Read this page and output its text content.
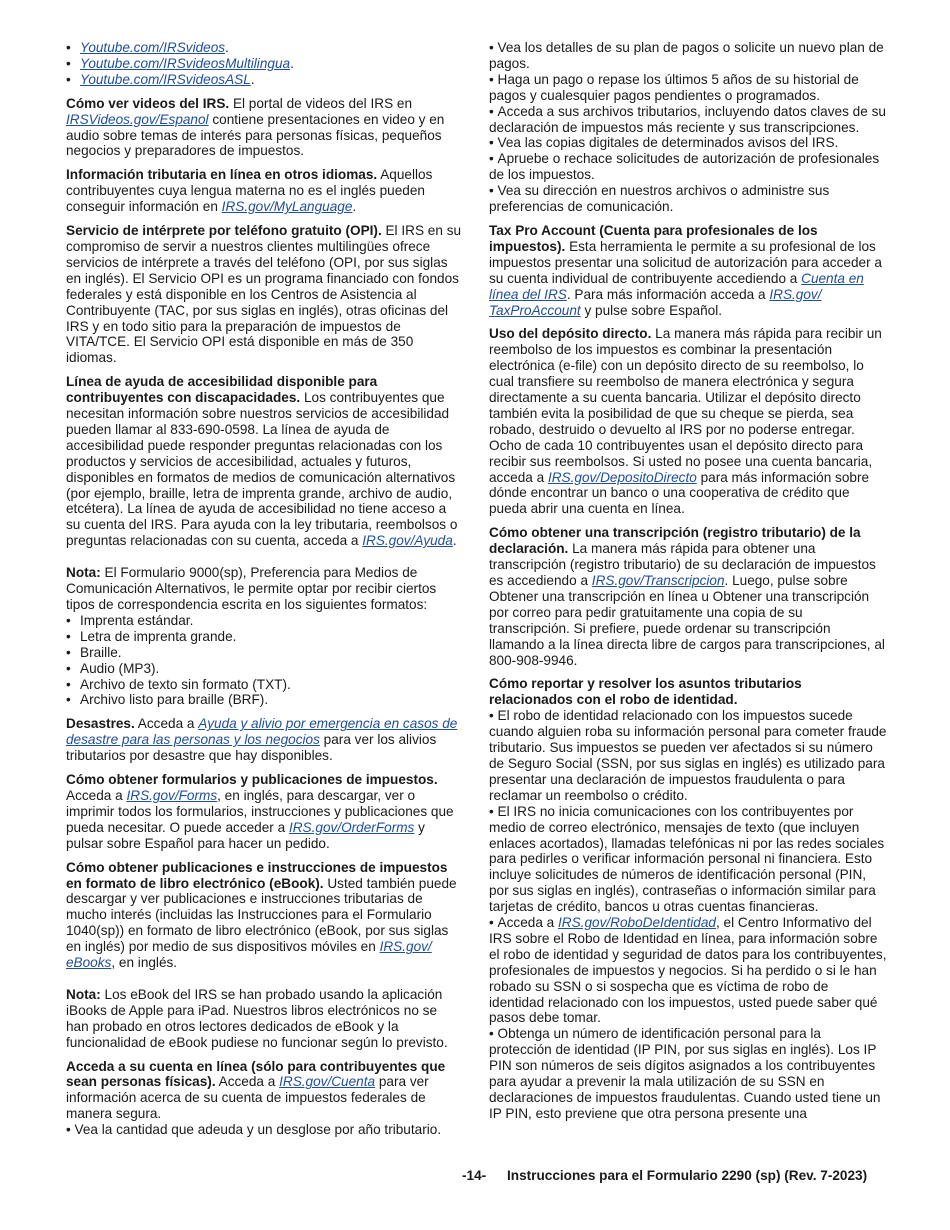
• Youtube.com/IRSvideos.
• Youtube.com/IRSvideosMultilingua.
• Youtube.com/IRSvideosASL.

Cómo ver videos del IRS. El portal de videos del IRS en IRSVideos.gov/Espanol contiene presentaciones en video y en audio sobre temas de interés para personas físicas, pequeños negocios y preparadores de impuestos.

Información tributaria en línea en otros idiomas. Aquellos contribuyentes cuya lengua materna no es el inglés pueden conseguir información en IRS.gov/MyLanguage.

Servicio de intérprete por teléfono gratuito (OPI). El IRS en su compromiso de servir a nuestros clientes multilingües ofrece servicios de intérprete a través del teléfono (OPI, por sus siglas en inglés). El Servicio OPI es un programa financiado con fondos federales y está disponible en los Centros de Asistencia al Contribuyente (TAC, por sus siglas en inglés), otras oficinas del IRS y en todo sitio para la preparación de impuestos de VITA/TCE. El Servicio OPI está disponible en más de 350 idiomas.

Línea de ayuda de accesibilidad disponible para contribuyentes con discapacidades. Los contribuyentes que necesitan información sobre nuestros servicios de accesibilidad pueden llamar al 833-690-0598. La línea de ayuda de accesibilidad puede responder preguntas relacionadas con los productos y servicios de accesibilidad, actuales y futuros, disponibles en formatos de medios de comunicación alternativos (por ejemplo, braille, letra de imprenta grande, archivo de audio, etcétera). La línea de ayuda de accesibilidad no tiene acceso a su cuenta del IRS. Para ayuda con la ley tributaria, reembolsos o preguntas relacionadas con su cuenta, acceda a IRS.gov/Ayuda.

Nota: El Formulario 9000(sp), Preferencia para Medios de Comunicación Alternativos, le permite optar por recibir ciertos tipos de correspondencia escrita en los siguientes formatos:

• Imprenta estándar.
• Letra de imprenta grande.
• Braille.
• Audio (MP3).
• Archivo de texto sin formato (TXT).
• Archivo listo para braille (BRF).

Desastres. Acceda a Ayuda y alivio por emergencia en casos de desastre para las personas y los negocios para ver los alivios tributarios por desastre que hay disponibles.

Cómo obtener formularios y publicaciones de impuestos. Acceda a IRS.gov/Forms, en inglés, para descargar, ver o imprimir todos los formularios, instrucciones y publicaciones que pueda necesitar. O puede acceder a IRS.gov/OrderForms y pulsar sobre Español para hacer un pedido.

Cómo obtener publicaciones e instrucciones de impuestos en formato de libro electrónico (eBook). Usted también puede descargar y ver publicaciones e instrucciones tributarias de mucho interés (incluidas las Instrucciones para el Formulario 1040(sp)) en formato de libro electrónico (eBook, por sus siglas en inglés) por medio de sus dispositivos móviles en IRS.gov/ eBooks, en inglés.

Nota: Los eBook del IRS se han probado usando la aplicación iBooks de Apple para iPad. Nuestros libros electrónicos no se han probado en otros lectores dedicados de eBook y la funcionalidad de eBook pudiese no funcionar según lo previsto.

Acceda a su cuenta en línea (sólo para contribuyentes que sean personas físicas). Acceda a IRS.gov/Cuenta para ver información acerca de su cuenta de impuestos federales de manera segura.

• Vea la cantidad que adeuda y un desglose por año tributario.

• Vea los detalles de su plan de pagos o solicite un nuevo plan de pagos.

• Haga un pago o repase los últimos 5 años de su historial de pagos y cualesquier pagos pendientes o programados.

• Acceda a sus archivos tributarios, incluyendo datos claves de su declaración de impuestos más reciente y sus transcripciones.

• Vea las copias digitales de determinados avisos del IRS.

• Apruebe o rechace solicitudes de autorización de profesionales de los impuestos.

• Vea su dirección en nuestros archivos o administre sus preferencias de comunicación.

Tax Pro Account (Cuenta para profesionales de los impuestos). Esta herramienta le permite a su profesional de los impuestos presentar una solicitud de autorización para acceder a su cuenta individual de contribuyente accediendo a Cuenta en línea del IRS. Para más información acceda a IRS.gov/ TaxProAccount y pulse sobre Español.

Uso del depósito directo. La manera más rápida para recibir un reembolso de los impuestos es combinar la presentación electrónica (e-file) con un depósito directo de su reembolso, lo cual transfiere su reembolso de manera electrónica y segura directamente a su cuenta bancaria. Utilizar el depósito directo también evita la posibilidad de que su cheque se pierda, sea robado, destruido o devuelto al IRS por no poderse entregar. Ocho de cada 10 contribuyentes usan el depósito directo para recibir sus reembolsos. Si usted no posee una cuenta bancaria, acceda a IRS.gov/DepositoDirecto para más información sobre dónde encontrar un banco o una cooperativa de crédito que pueda abrir una cuenta en línea.

Cómo obtener una transcripción (registro tributario) de la declaración. La manera más rápida para obtener una transcripción (registro tributario) de su declaración de impuestos es accediendo a IRS.gov/Transcripcion. Luego, pulse sobre Obtener una transcripción en línea u Obtener una transcripción por correo para pedir gratuitamente una copia de su transcripción. Si prefiere, puede ordenar su transcripción llamando a la línea directa libre de cargos para transcripciones, al 800-908-9946.

Cómo reportar y resolver los asuntos tributarios relacionados con el robo de identidad.

• El robo de identidad relacionado con los impuestos sucede cuando alguien roba su información personal para cometer fraude tributario. Sus impuestos se pueden ver afectados si su número de Seguro Social (SSN, por sus siglas en inglés) es utilizado para presentar una declaración de impuestos fraudulenta o para reclamar un reembolso o crédito.

• El IRS no inicia comunicaciones con los contribuyentes por medio de correo electrónico, mensajes de texto (que incluyen enlaces acortados), llamadas telefónicas ni por las redes sociales para pedirles o verificar información personal ni financiera. Esto incluye solicitudes de números de identificación personal (PIN, por sus siglas en inglés), contraseñas o información similar para tarjetas de crédito, bancos u otras cuentas financieras.

• Acceda a IRS.gov/RoboDeIdentidad, el Centro Informativo del IRS sobre el Robo de Identidad en línea, para información sobre el robo de identidad y seguridad de datos para los contribuyentes, profesionales de impuestos y negocios. Si ha perdido o si le han robado su SSN o si sospecha que es víctima de robo de identidad relacionado con los impuestos, usted puede saber qué pasos debe tomar.

• Obtenga un número de identificación personal para la protección de identidad (IP PIN, por sus siglas en inglés). Los IP PIN son números de seis dígitos asignados a los contribuyentes para ayudar a prevenir la mala utilización de su SSN en declaraciones de impuestos fraudulentas. Cuando usted tiene un IP PIN, esto previene que otra persona presente una

-14- Instrucciones para el Formulario 2290 (sp) (Rev. 7-2023)
